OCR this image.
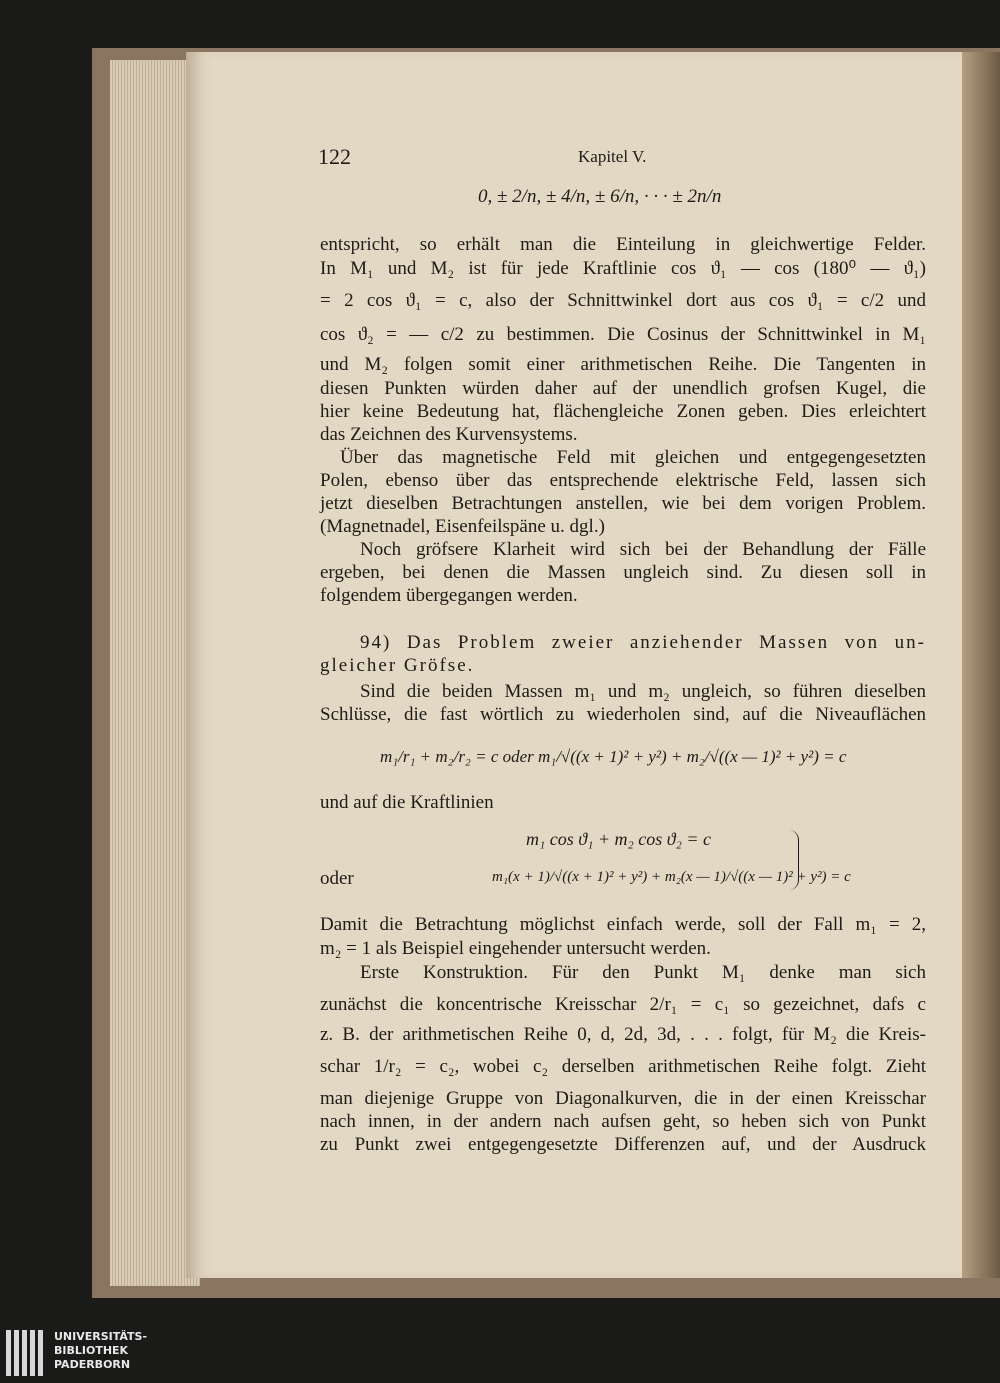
122	Kapitel V.
0, ± 2/n, ± 4/n, ± 6/n, · · · ± 2n/n
entspricht, so erhält man die Einteilung in gleichwertige Felder.
In M₁ und M₂ ist für jede Kraftlinie cos ϑ₁ — cos (180⁰ — ϑ₁)
= 2 cos ϑ₁ = c, also der Schnittwinkel dort aus cos ϑ₁ = c/2 und
cos ϑ₂ = — c/2 zu bestimmen. Die Cosinus der Schnittwinkel in M₁
und M₂ folgen somit einer arithmetischen Reihe. Die Tangenten in
diesen Punkten würden daher auf der unendlich grofsen Kugel, die
hier keine Bedeutung hat, flächengleiche Zonen geben. Dies erleichtert
das Zeichnen des Kurvensystems.
Über das magnetische Feld mit gleichen und entgegengesetzten
Polen, ebenso über das entsprechende elektrische Feld, lassen sich
jetzt dieselben Betrachtungen anstellen, wie bei dem vorigen Problem.
(Magnetnadel, Eisenfeilspäne u. dgl.)
Noch gröfsere Klarheit wird sich bei der Behandlung der Fälle
ergeben, bei denen die Massen ungleich sind. Zu diesen soll in
folgendem übergegangen werden.
94) Das Problem zweier anziehender Massen von un-
gleicher Gröfse.
Sind die beiden Massen m₁ und m₂ ungleich, so führen dieselben
Schlüsse, die fast wörtlich zu wiederholen sind, auf die Niveauflächen
m₁/r₁ + m₂/r₂ = c oder m₁/√((x + 1)² + y²) + m₂/√((x — 1)² + y²) = c
und auf die Kraftlinien
m₁ cos ϑ₁ + m₂ cos ϑ₂ = c
oder	m₁(x + 1)/√((x + 1)² + y²) + m₂(x — 1)/√((x — 1)² + y²) = c
Damit die Betrachtung möglichst einfach werde, soll der Fall m₁ = 2,
m₂ = 1 als Beispiel eingehender untersucht werden.
Erste Konstruktion. Für den Punkt M₁ denke man sich
zunächst die koncentrische Kreisschar 2/r₁ = c₁ so gezeichnet, dafs c
z. B. der arithmetischen Reihe 0, d, 2d, 3d, . . . folgt, für M₂ die Kreis-
schar 1/r₂ = c₂, wobei c₂ derselben arithmetischen Reihe folgt. Zieht
man diejenige Gruppe von Diagonalkurven, die in der einen Kreisschar
nach innen, in der andern nach aufsen geht, so heben sich von Punkt
zu Punkt zwei entgegengesetzte Differenzen auf, und der Ausdruck
UNIVERSITÄTS-
BIBLIOTHEK
PADERBORN
